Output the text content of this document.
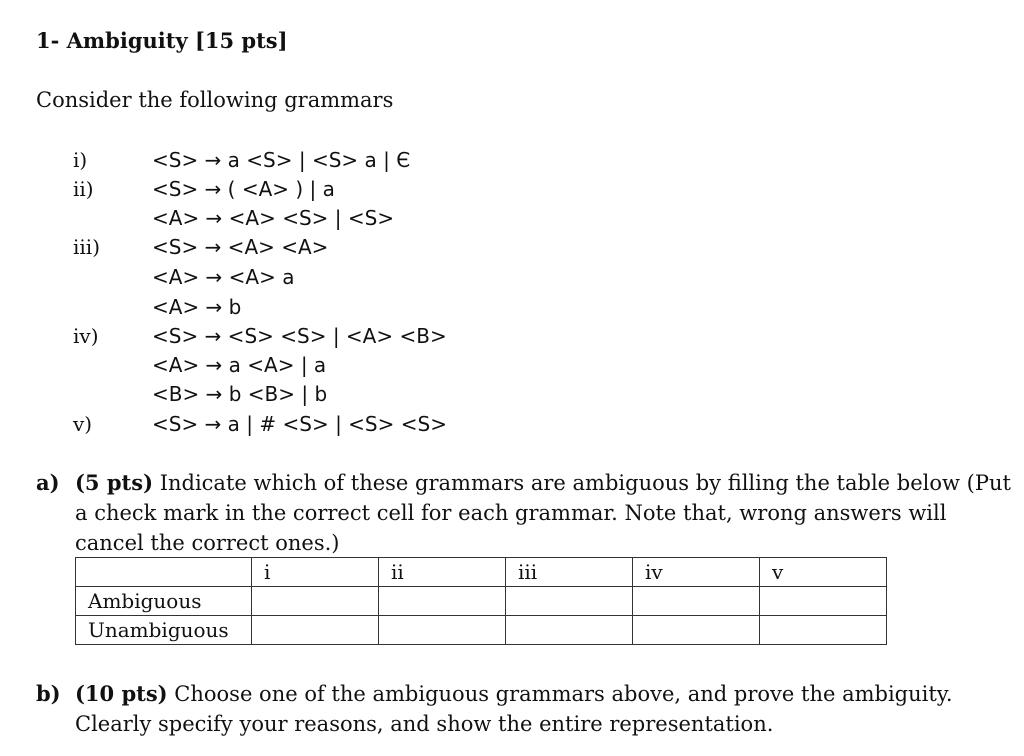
1- Ambiguity [15 pts]
Consider the following grammars
i)	<S> → a <S> | <S> a | Є
ii)	<S> → ( <A> ) | a
<A> → <A> <S> | <S>
iii)	<S> → <A> <A>
<A> → <A> a
<A> → b
iv)	<S> → <S> <S> | <A> <B>
<A> → a <A> | a
<B> → b <B> | b
v)	<S> → a | # <S> | <S> <S>
a) (5 pts) Indicate which of these grammars are ambiguous by filling the table below (Put a check mark in the correct cell for each grammar. Note that, wrong answers will cancel the correct ones.)
	i	ii	iii	iv	v
Ambiguous					
Unambiguous					
b) (10 pts) Choose one of the ambiguous grammars above, and prove the ambiguity. Clearly specify your reasons, and show the entire representation.
